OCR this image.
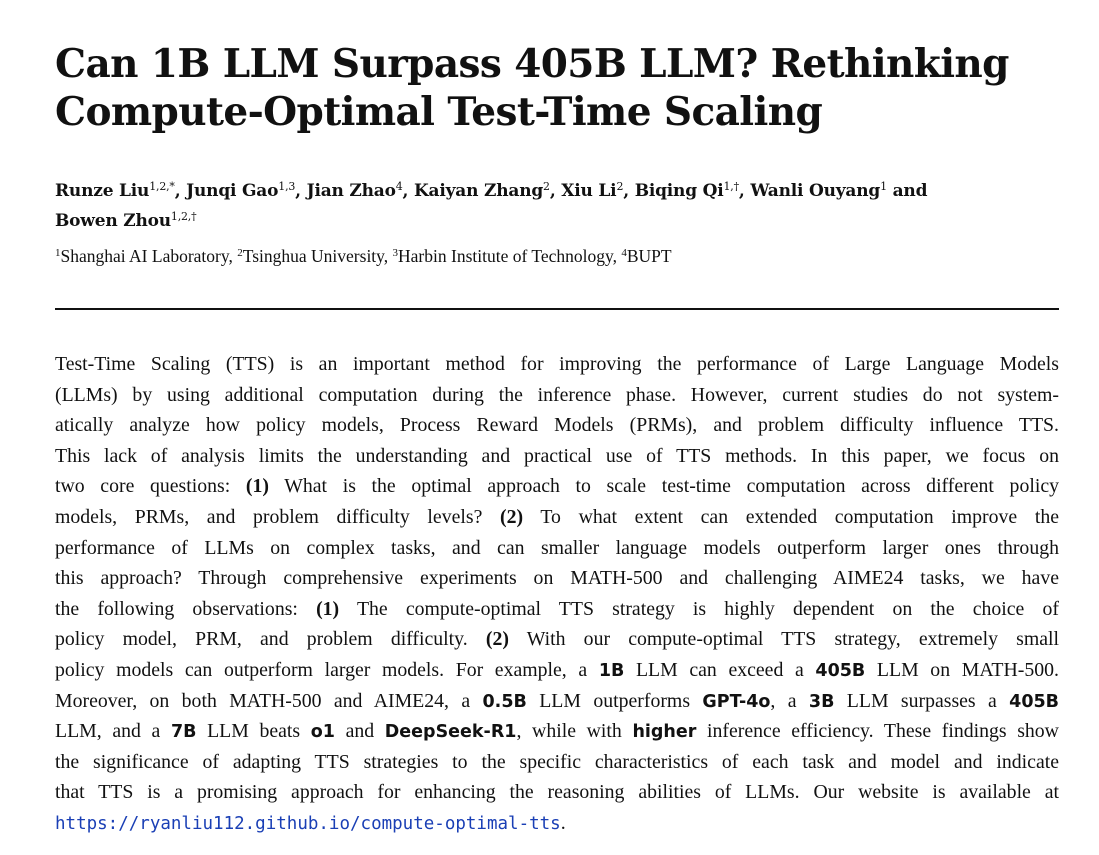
Can 1B LLM Surpass 405B LLM? Rethinking
Compute-Optimal Test-Time Scaling
Runze Liu$^{1,2,*}$, Junqi Gao$^{1,3}$, Jian Zhao$^4$, Kaiyan Zhang$^2$, Xiu Li$^2$, Biqing $Qi^{1,\dagger}$, Wanli Ouyang$^1$ and
Bowen Zhou$^{1,2,\dagger}$
$^1$Shanghai AI Laboratory, $^2$Tsinghua University, $^3$Harbin Institute of Technology, $^4$BUPT
Test-Time Scaling (TTS) is an important method for improving the performance of Large Language Models
(LLMs) by using additional computation during the inference phase. However, current studies do not system-
atically analyze how policy models, Process Reward Models (PRMs), and problem difficulty influence TTS.
This lack of analysis limits the understanding and practical use of TTS methods. In this paper, we focus on
two core questions: (1) What is the optimal approach to scale test-time computation across different policy
models, PRMs, and problem difficulty levels? (2) To what extent can extended computation improve the
performance of LLMs on complex tasks, and can smaller language models outperform larger ones through
this approach? Through comprehensive experiments on MATH-500 and challenging AIME24 tasks, we have
the following observations: (1) The compute-optimal TTS strategy is highly dependent on the choice of
policy model, PRM, and problem difficulty. (2) With our compute-optimal TTS strategy, extremely small
policy models can outperform larger models. For example, a 1B LLM can exceed a 405B LLM on MATH-500.
Moreover, on both MATH-500 and AIME24, a 0.5B LLM outperforms GPT-4o, a 3B LLM surpasses a 405B
LLM, and a 7B LLM beats o1 and DeepSeek-R1, while with higher inference efficiency. These findings show
the significance of adapting TTS strategies to the specific characteristics of each task and model and indicate
that TTS is a promising approach for enhancing the reasoning abilities of LLMs. Our website is available at
https://ryanliu112.github.io/compute-optimal-tts.
